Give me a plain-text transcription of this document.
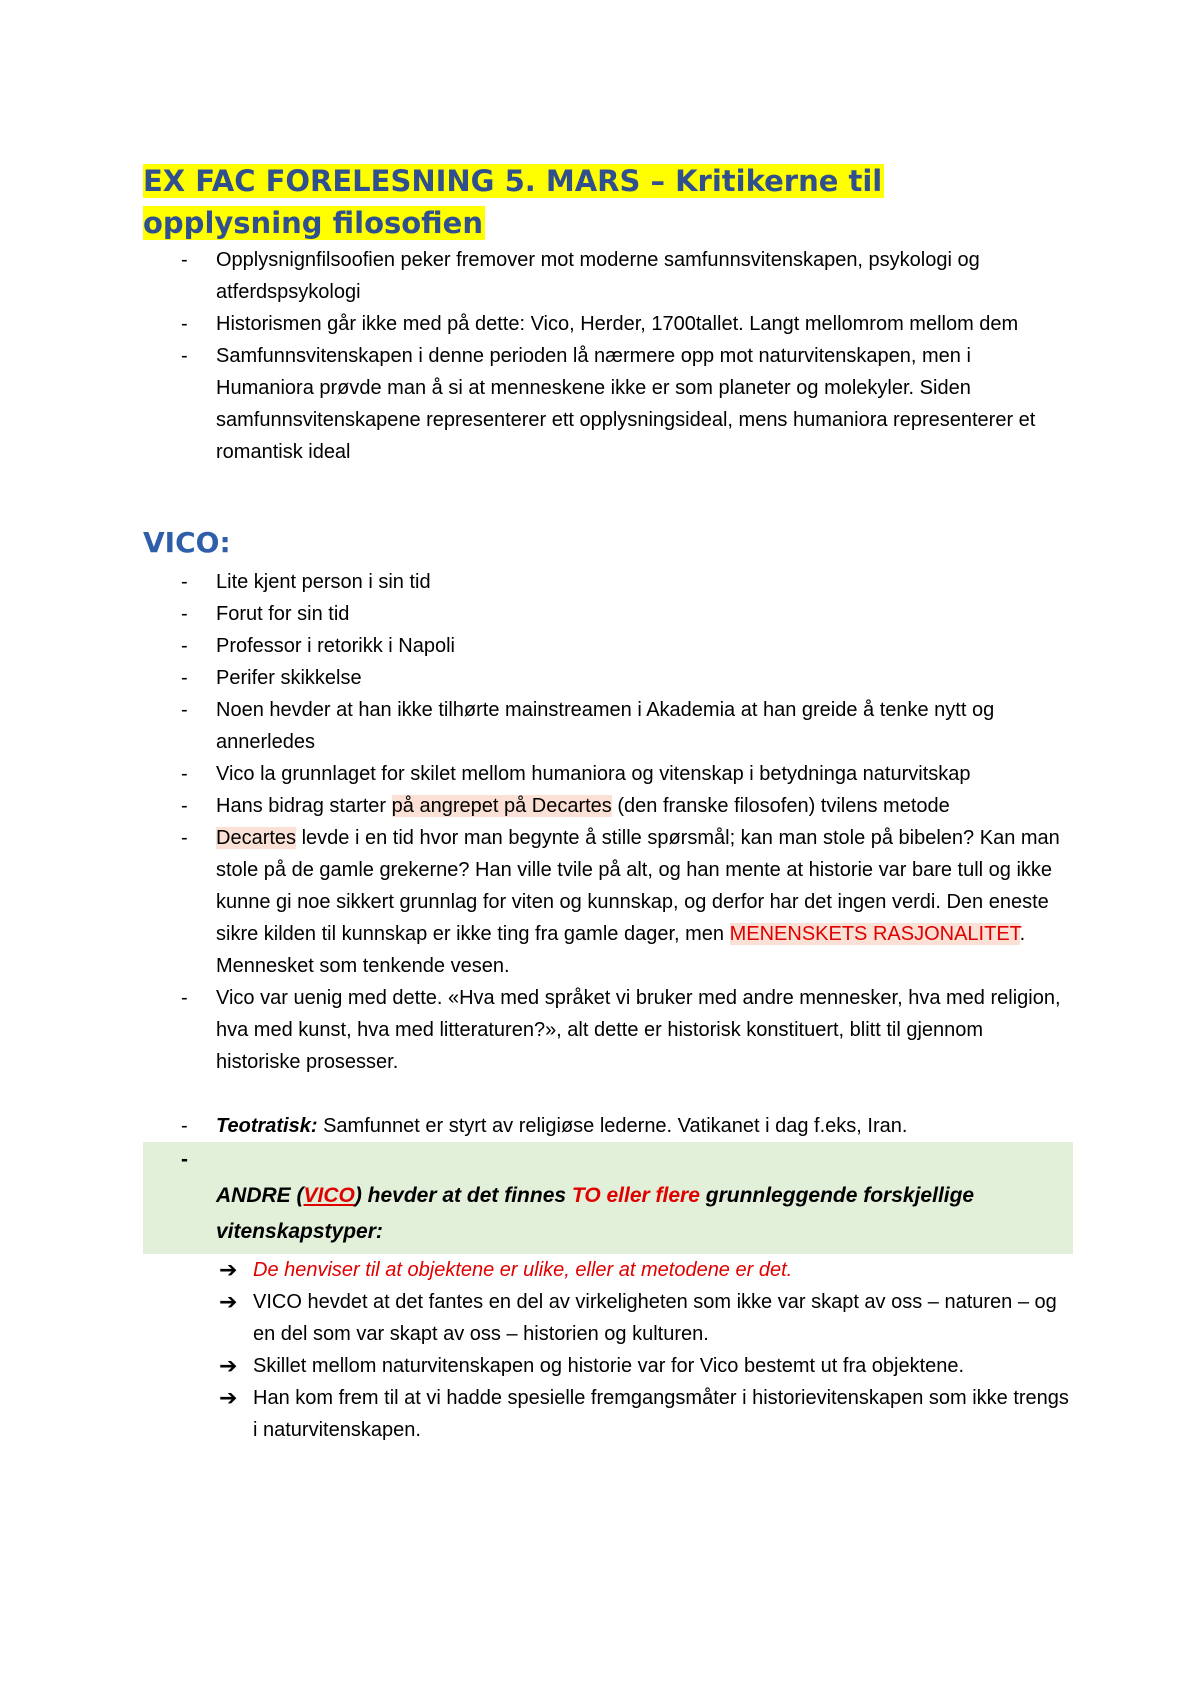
EX FAC FORELESNING 5. MARS – Kritikerne til
opplysning filosofien
- Opplysnignfilsoofien peker fremover mot moderne samfunnsvitenskapen, psykologi og atferdspsykologi
- Historismen går ikke med på dette: Vico, Herder, 1700tallet. Langt mellomrom mellom dem
- Samfunnsvitenskapen i denne perioden lå nærmere opp mot naturvitenskapen, men i Humaniora prøvde man å si at menneskene ikke er som planeter og molekyler. Siden samfunnsvitenskapene representerer ett opplysningsideal, mens humaniora representerer et romantisk ideal
VICO:
- Lite kjent person i sin tid
- Forut for sin tid
- Professor i retorikk i Napoli
- Perifer skikkelse
- Noen hevder at han ikke tilhørte mainstreamen i Akademia at han greide å tenke nytt og annerledes
- Vico la grunnlaget for skilet mellom humaniora og vitenskap i betydninga naturvitskap
- Hans bidrag starter på angrepet på Decartes (den franske filosofen) tvilens metode
- Decartes levde i en tid hvor man begynte å stille spørsmål; kan man stole på bibelen? Kan man stole på de gamle grekerne? Han ville tvile på alt, og han mente at historie var bare tull og ikke kunne gi noe sikkert grunnlag for viten og kunnskap, og derfor har det ingen verdi. Den eneste sikre kilden til kunnskap er ikke ting fra gamle dager, men MENENSKETS RASJONALITET. Mennesket som tenkende vesen.
- Vico var uenig med dette. «Hva med språket vi bruker med andre mennesker, hva med religion, hva med kunst, hva med litteraturen?», alt dette er historisk konstituert, blitt til gjennom historiske prosesser.
- Teotratisk: Samfunnet er styrt av religiøse lederne. Vatikanet i dag f.eks, Iran.

- ANDRE (VICO) hevder at det finnes TO eller flere grunnleggende forskjellige vitenskapstyper:
➔ De henviser til at objektene er ulike, eller at metodene er det.
➔ VICO hevdet at det fantes en del av virkeligheten som ikke var skapt av oss – naturen – og en del som var skapt av oss – historien og kulturen.
➔ Skillet mellom naturvitenskapen og historie var for Vico bestemt ut fra objektene.
➔ Han kom frem til at vi hadde spesielle fremgangsmåter i historievitenskapen som ikke trengs i naturvitenskapen.
